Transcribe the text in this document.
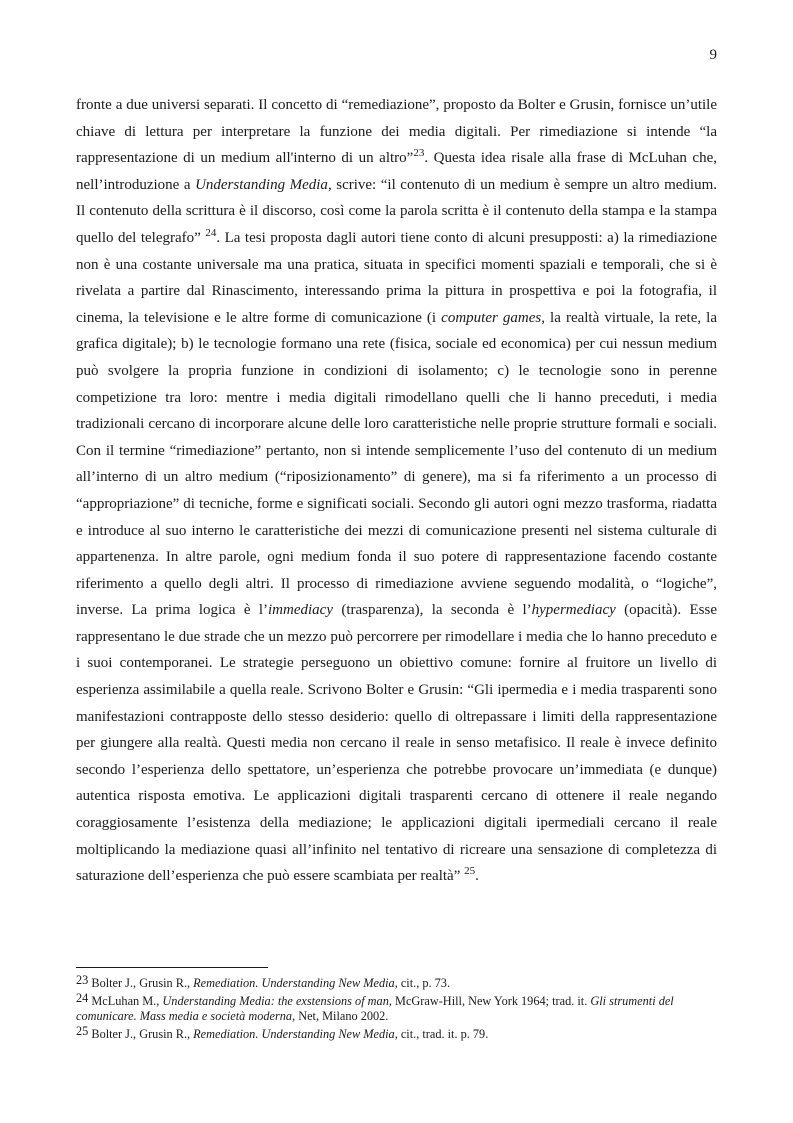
9

fronte a due universi separati. Il concetto di “remediazione”, proposto da Bolter e Grusin, fornisce un’utile chiave di lettura per interpretare la funzione dei media digitali. Per rimediazione si intende “la rappresentazione di un medium all'interno di un altro”$^{23}$. Questa idea risale alla frase di McLuhan che, nell’introduzione a Understanding Media, scrive: “il contenuto di un medium è sempre un altro medium. Il contenuto della scrittura è il discorso, così come la parola scritta è il contenuto della stampa e la stampa quello del telegrafo” $^{24}$. La tesi proposta dagli autori tiene conto di alcuni presupposti: a) la rimediazione non è una costante universale ma una pratica, situata in specifici momenti spaziali e temporali, che si è rivelata a partire dal Rinascimento, interessando prima la pittura in prospettiva e poi la fotografia, il cinema, la televisione e le altre forme di comunicazione (i computer games, la realtà virtuale, la rete, la grafica digitale); b) le tecnologie formano una rete (fisica, sociale ed economica) per cui nessun medium può svolgere la propria funzione in condizioni di isolamento; c) le tecnologie sono in perenne competizione tra loro: mentre i media digitali rimodellano quelli che li hanno preceduti, i media tradizionali cercano di incorporare alcune delle loro caratteristiche nelle proprie strutture formali e sociali. Con il termine “rimediazione” pertanto, non si intende semplicemente l’uso del contenuto di un medium all’interno di un altro medium (“riposizionamento” di genere), ma si fa riferimento a un processo di “appropriazione” di tecniche, forme e significati sociali. Secondo gli autori ogni mezzo trasforma, riadatta e introduce al suo interno le caratteristiche dei mezzi di comunicazione presenti nel sistema culturale di appartenenza. In altre parole, ogni medium fonda il suo potere di rappresentazione facendo costante riferimento a quello degli altri. Il processo di rimediazione avviene seguendo modalità, o “logiche”, inverse. La prima logica è l’immediacy (trasparenza), la seconda è l’hypermediacy (opacità). Esse rappresentano le due strade che un mezzo può percorrere per rimodellare i media che lo hanno preceduto e i suoi contemporanei. Le strategie perseguono un obiettivo comune: fornire al fruitore un livello di esperienza assimilabile a quella reale. Scrivono Bolter e Grusin: “Gli ipermedia e i media trasparenti sono manifestazioni contrapposte dello stesso desiderio: quello di oltrepassare i limiti della rappresentazione per giungere alla realtà. Questi media non cercano il reale in senso metafisico. Il reale è invece definito secondo l’esperienza dello spettatore, un’esperienza che potrebbe provocare un’immediata (e dunque) autentica risposta emotiva. Le applicazioni digitali trasparenti cercano di ottenere il reale negando coraggiosamente l’esistenza della mediazione; le applicazioni digitali ipermediali cercano il reale moltiplicando la mediazione quasi all’infinito nel tentativo di ricreare una sensazione di completezza di saturazione dell’esperienza che può essere scambiata per realtà” $^{25}$.

23 Bolter J., Grusin R., Remediation. Understanding New Media, cit., p. 73.

24 McLuhan M., Understanding Media: the exstensions of man, McGraw-Hill, New York 1964; trad. it. Gli strumenti del comunicare. Mass media e società moderna, Net, Milano 2002.

25 Bolter J., Grusin R., Remediation. Understanding New Media, cit., trad. it. p. 79.
